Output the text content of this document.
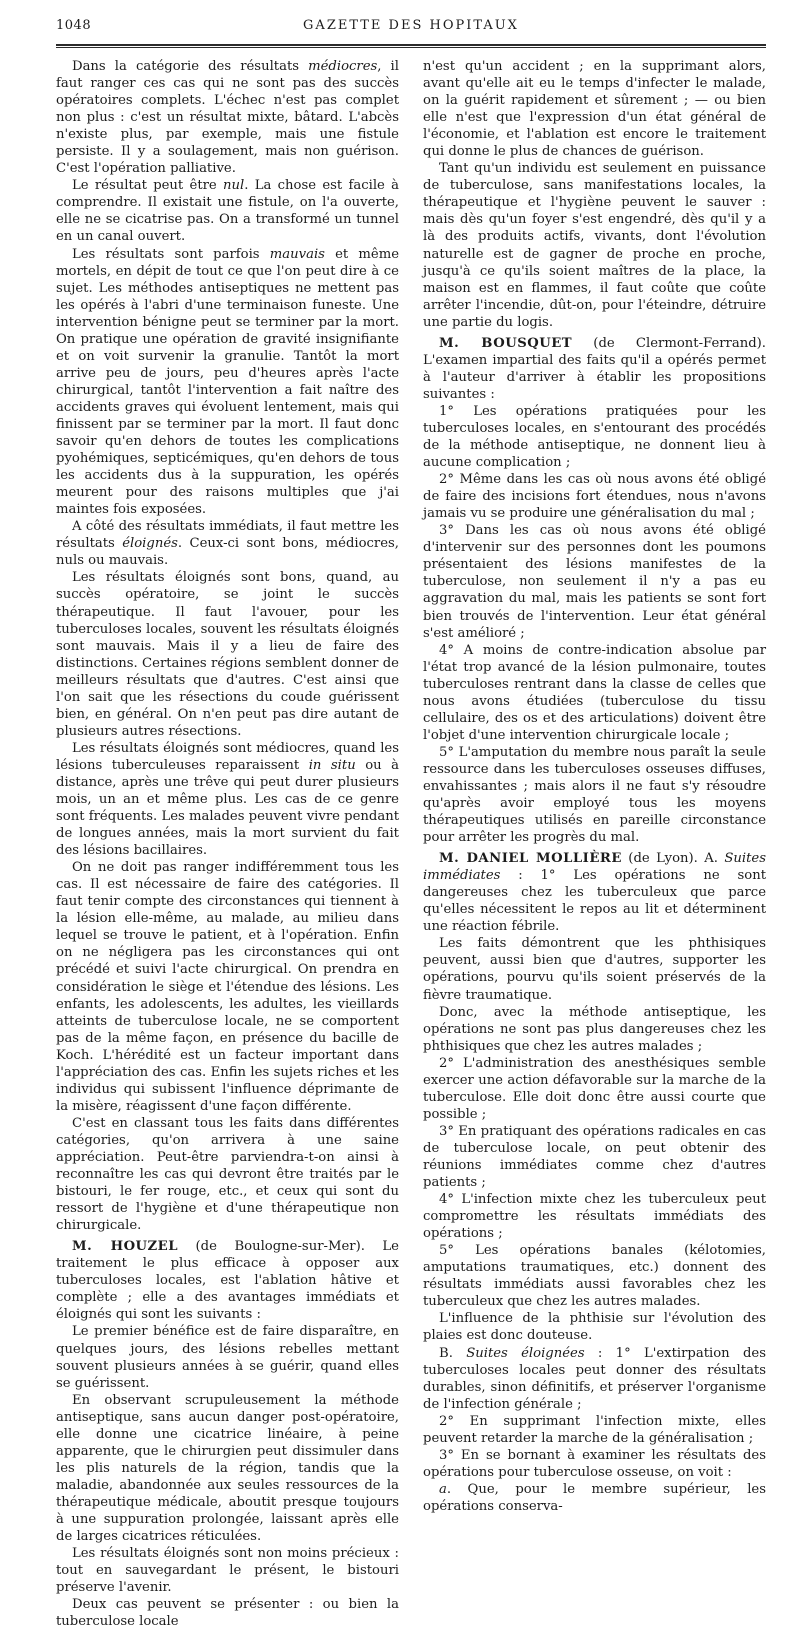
1048	GAZETTE DES HOPITAUX

Dans la catégorie des résultats médiocres, il faut ranger ces cas qui ne sont pas des succès opératoires complets. L'échec n'est pas complet non plus : c'est un résultat mixte, bâtard. L'abcès n'existe plus, par exemple, mais une fistule persiste. Il y a soulagement, mais non guérison. C'est l'opération palliative.

Le résultat peut être nul. La chose est facile à comprendre. Il existait une fistule, on l'a ouverte, elle ne se cicatrise pas. On a transformé un tunnel en un canal ouvert.

Les résultats sont parfois mauvais et même mortels, en dépit de tout ce que l'on peut dire à ce sujet. Les méthodes antiseptiques ne mettent pas les opérés à l'abri d'une terminaison funeste. Une intervention bénigne peut se terminer par la mort. On pratique une opération de gravité insignifiante et on voit survenir la granulie. Tantôt la mort arrive peu de jours, peu d'heures après l'acte chirurgical, tantôt l'intervention a fait naître des accidents graves qui évoluent lentement, mais qui finissent par se terminer par la mort. Il faut donc savoir qu'en dehors de toutes les complications pyohémiques, septicémiques, qu'en dehors de tous les accidents dus à la suppuration, les opérés meurent pour des raisons multiples que j'ai maintes fois exposées.

A côté des résultats immédiats, il faut mettre les résultats éloignés. Ceux-ci sont bons, médiocres, nuls ou mauvais.

Les résultats éloignés sont bons, quand, au succès opératoire, se joint le succès thérapeutique. Il faut l'avouer, pour les tuberculoses locales, souvent les résultats éloignés sont mauvais. Mais il y a lieu de faire des distinctions. Certaines régions semblent donner de meilleurs résultats que d'autres. C'est ainsi que l'on sait que les résections du coude guérissent bien, en général. On n'en peut pas dire autant de plusieurs autres résections.

Les résultats éloignés sont médiocres, quand les lésions tuberculeuses reparaissent in situ ou à distance, après une trêve qui peut durer plusieurs mois, un an et même plus. Les cas de ce genre sont fréquents. Les malades peuvent vivre pendant de longues années, mais la mort survient du fait des lésions bacillaires.

On ne doit pas ranger indifféremment tous les cas. Il est nécessaire de faire des catégories. Il faut tenir compte des circonstances qui tiennent à la lésion elle-même, au malade, au milieu dans lequel se trouve le patient, et à l'opération. Enfin on ne négligera pas les circonstances qui ont précédé et suivi l'acte chirurgical. On prendra en considération le siège et l'étendue des lésions. Les enfants, les adolescents, les adultes, les vieillards atteints de tuberculose locale, ne se comportent pas de la même façon, en présence du bacille de Koch. L'hérédité est un facteur important dans l'appréciation des cas. Enfin les sujets riches et les individus qui subissent l'influence déprimante de la misère, réagissent d'une façon différente.

C'est en classant tous les faits dans différentes catégories, qu'on arrivera à une saine appréciation. Peut-être parviendra-t-on ainsi à reconnaître les cas qui devront être traités par le bistouri, le fer rouge, etc., et ceux qui sont du ressort de l'hygiène et d'une thérapeutique non chirurgicale.

M. HOUZEL (de Boulogne-sur-Mer). Le traitement le plus efficace à opposer aux tuberculoses locales, est l'ablation hâtive et complète ; elle a des avantages immédiats et éloignés qui sont les suivants :

Le premier bénéfice est de faire disparaître, en quelques jours, des lésions rebelles mettant souvent plusieurs années à se guérir, quand elles se guérissent.

En observant scrupuleusement la méthode antiseptique, sans aucun danger post-opératoire, elle donne une cicatrice linéaire, à peine apparente, que le chirurgien peut dissimuler dans les plis naturels de la région, tandis que la maladie, abandonnée aux seules ressources de la thérapeutique médicale, aboutit presque toujours à une suppuration prolongée, laissant après elle de larges cicatrices réticulées.

Les résultats éloignés sont non moins précieux : tout en sauvegardant le présent, le bistouri préserve l'avenir.

Deux cas peuvent se présenter : ou bien la tuberculose locale

n'est qu'un accident ; en la supprimant alors, avant qu'elle ait eu le temps d'infecter le malade, on la guérit rapidement et sûrement ; — ou bien elle n'est que l'expression d'un état général de l'économie, et l'ablation est encore le traitement qui donne le plus de chances de guérison.

Tant qu'un individu est seulement en puissance de tuberculose, sans manifestations locales, la thérapeutique et l'hygiène peuvent le sauver : mais dès qu'un foyer s'est engendré, dès qu'il y a là des produits actifs, vivants, dont l'évolution naturelle est de gagner de proche en proche, jusqu'à ce qu'ils soient maîtres de la place, la maison est en flammes, il faut coûte que coûte arrêter l'incendie, dût-on, pour l'éteindre, détruire une partie du logis.

M. BOUSQUET (de Clermont-Ferrand). L'examen impartial des faits qu'il a opérés permet à l'auteur d'arriver à établir les propositions suivantes :

1° Les opérations pratiquées pour les tuberculoses locales, en s'entourant des procédés de la méthode antiseptique, ne donnent lieu à aucune complication ;

2° Même dans les cas où nous avons été obligé de faire des incisions fort étendues, nous n'avons jamais vu se produire une généralisation du mal ;

3° Dans les cas où nous avons été obligé d'intervenir sur des personnes dont les poumons présentaient des lésions manifestes de la tuberculose, non seulement il n'y a pas eu aggravation du mal, mais les patients se sont fort bien trouvés de l'intervention. Leur état général s'est amélioré ;

4° A moins de contre-indication absolue par l'état trop avancé de la lésion pulmonaire, toutes tuberculoses rentrant dans la classe de celles que nous avons étudiées (tuberculose du tissu cellulaire, des os et des articulations) doivent être l'objet d'une intervention chirurgicale locale ;

5° L'amputation du membre nous paraît la seule ressource dans les tuberculoses osseuses diffuses, envahissantes ; mais alors il ne faut s'y résoudre qu'après avoir employé tous les moyens thérapeutiques utilisés en pareille circonstance pour arrêter les progrès du mal.

M. DANIEL MOLLIÈRE (de Lyon). A. Suites immédiates : 1° Les opérations ne sont dangereuses chez les tuberculeux que parce qu'elles nécessitent le repos au lit et déterminent une réaction fébrile.

Les faits démontrent que les phthisiques peuvent, aussi bien que d'autres, supporter les opérations, pourvu qu'ils soient préservés de la fièvre traumatique.

Donc, avec la méthode antiseptique, les opérations ne sont pas plus dangereuses chez les phthisiques que chez les autres malades ;

2° L'administration des anesthésiques semble exercer une action défavorable sur la marche de la tuberculose. Elle doit donc être aussi courte que possible ;

3° En pratiquant des opérations radicales en cas de tuberculose locale, on peut obtenir des réunions immédiates comme chez d'autres patients ;

4° L'infection mixte chez les tuberculeux peut compromettre les résultats immédiats des opérations ;

5° Les opérations banales (kélotomies, amputations traumatiques, etc.) donnent des résultats immédiats aussi favorables chez les tuberculeux que chez les autres malades.

L'influence de la phthisie sur l'évolution des plaies est donc douteuse.

B. Suites éloignées : 1° L'extirpation des tuberculoses locales peut donner des résultats durables, sinon définitifs, et préserver l'organisme de l'infection générale ;

2° En supprimant l'infection mixte, elles peuvent retarder la marche de la généralisation ;

3° En se bornant à examiner les résultats des opérations pour tuberculose osseuse, on voit :

a. Que, pour le membre supérieur, les opérations conserva-
